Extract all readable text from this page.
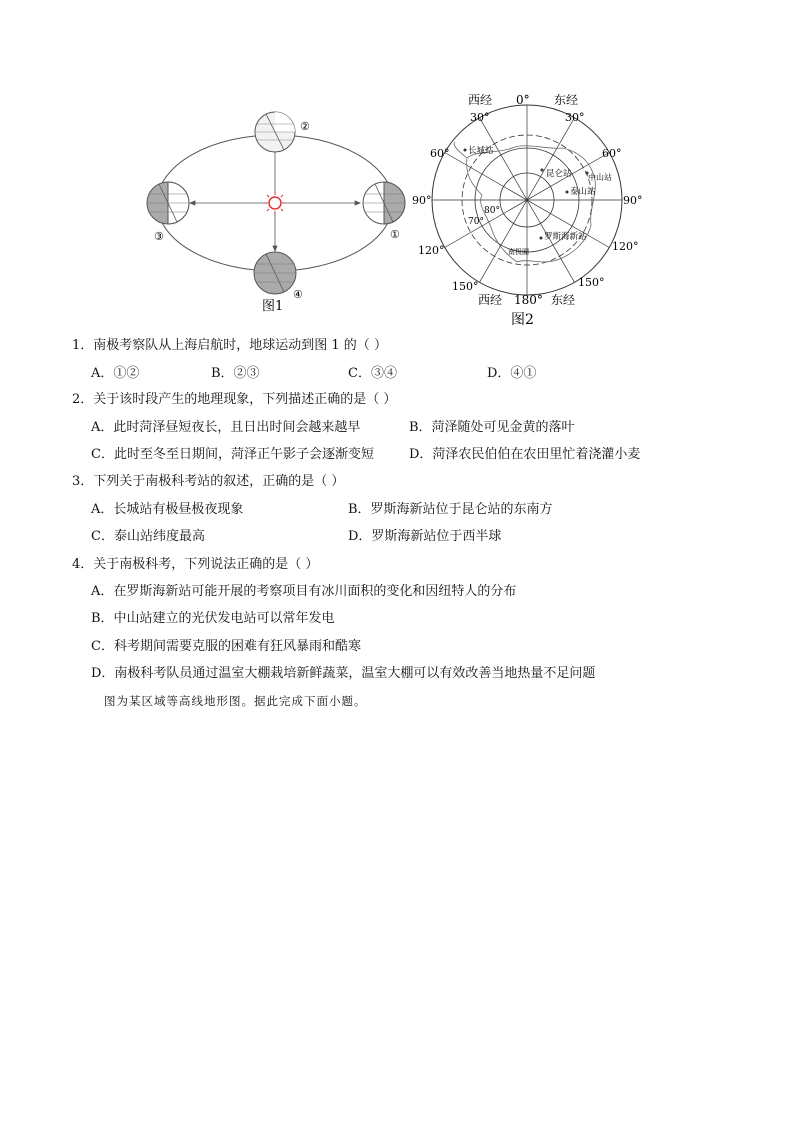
②
③	①
④
图1
西经 0° 东经
30°	30°
60°	60°
90°	90°
120°	120°
150°	150°
80°
70°
长城站
昆仑站 中山站
泰山站
罗斯海新站
南极圈
西经 180° 东经
图2
1．南极考察队从上海启航时，地球运动到图 1 的（ ）
A．①②	B．②③	C．③④	D．④①
2．关于该时段产生的地理现象，下列描述正确的是（ ）
A．此时菏泽昼短夜长，且日出时间会越来越早	B．菏泽随处可见金黄的落叶
C．此时至冬至日期间，菏泽正午影子会逐渐变短	D．菏泽农民伯伯在农田里忙着浇灌小麦
3．下列关于南极科考站的叙述，正确的是（ ）
A．长城站有极昼极夜现象	B．罗斯海新站位于昆仑站的东南方
C．泰山站纬度最高	D．罗斯海新站位于西半球
4．关于南极科考，下列说法正确的是（ ）
A．在罗斯海新站可能开展的考察项目有冰川面积的变化和因纽特人的分布
B．中山站建立的光伏发电站可以常年发电
C．科考期间需要克服的困难有狂风暴雨和酷寒
D．南极科考队员通过温室大棚栽培新鲜蔬菜，温室大棚可以有效改善当地热量不足问题
图为某区域等高线地形图。据此完成下面小题。
